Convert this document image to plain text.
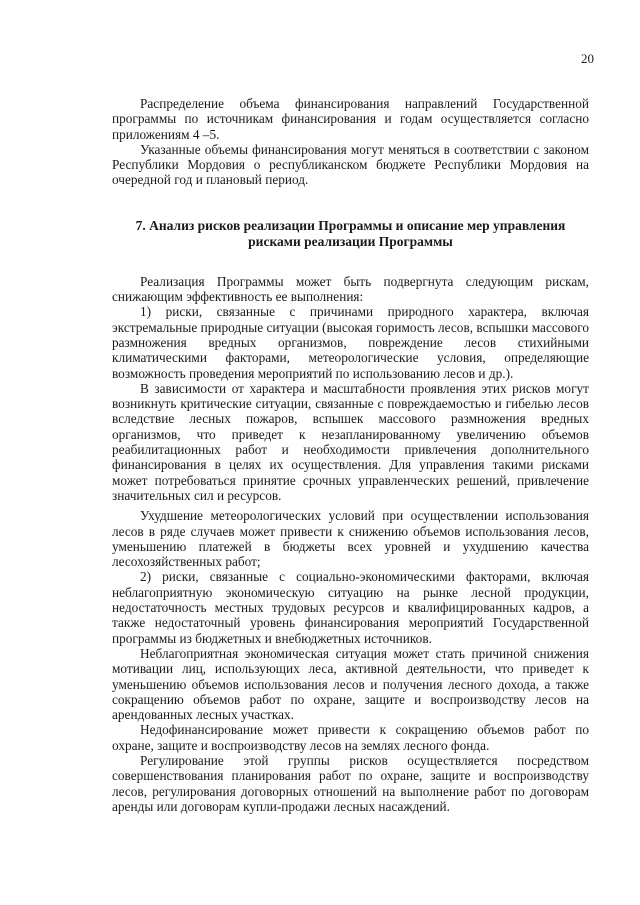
20

Распределение объема финансирования направлений Государственной программы по источникам финансирования и годам осуществляется согласно приложениям 4 –5.

Указанные объемы финансирования могут меняться в соответствии с законом Республики Мордовия о республиканском бюджете Республики Мордовия на очередной год и плановый период.

7. Анализ рисков реализации Программы и описание мер управления рисками реализации Программы

Реализация Программы может быть подвергнута следующим рискам, снижающим эффективность ее выполнения:

1) риски, связанные с причинами природного характера, включая экстремальные природные ситуации (высокая горимость лесов, вспышки массового размножения вредных организмов, повреждение лесов стихийными климатическими факторами, метеорологические условия, определяющие возможность проведения мероприятий по использованию лесов и др.).

В зависимости от характера и масштабности проявления этих рисков могут возникнуть критические ситуации, связанные с повреждаемостью и гибелью лесов вследствие лесных пожаров, вспышек массового размножения вредных организмов, что приведет к незапланированному увеличению объемов реабилитационных работ и необходимости привлечения дополнительного финансирования в целях их осуществления. Для управления такими рисками может потребоваться принятие срочных управленческих решений, привлечение значительных сил и ресурсов.

Ухудшение метеорологических условий при осуществлении использования лесов в ряде случаев может привести к снижению объемов использования лесов, уменьшению платежей в бюджеты всех уровней и ухудшению качества лесохозяйственных работ;

2) риски, связанные с социально-экономическими факторами, включая неблагоприятную экономическую ситуацию на рынке лесной продукции, недостаточность местных трудовых ресурсов и квалифицированных кадров, а также недостаточный уровень финансирования мероприятий Государственной программы из бюджетных и внебюджетных источников.

Неблагоприятная экономическая ситуация может стать причиной снижения мотивации лиц, использующих леса, активной деятельности, что приведет к уменьшению объемов использования лесов и получения лесного дохода, а также сокращению объемов работ по охране, защите и воспроизводству лесов на арендованных лесных участках.

Недофинансирование может привести к сокращению объемов работ по охране, защите и воспроизводству лесов на землях лесного фонда.

Регулирование этой группы рисков осуществляется посредством совершенствования планирования работ по охране, защите и воспроизводству лесов, регулирования договорных отношений на выполнение работ по договорам аренды или договорам купли-продажи лесных насаждений.
